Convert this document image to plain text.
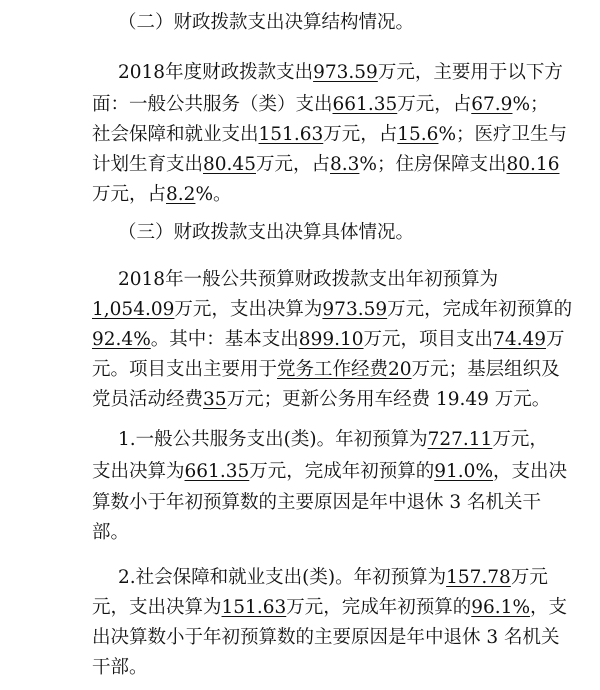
（二）财政拨款支出决算结构情况。
2018年度财政拨款支出973.59万元，主要用于以下方
面：一般公共服务（类）支出661.35万元，占67.9%；
社会保障和就业支出151.63万元，占15.6%；医疗卫生与
计划生育支出80.45万元，占8.3%；住房保障支出80.16
万元，占8.2%。
（三）财政拨款支出决算具体情况。
2018年一般公共预算财政拨款支出年初预算为
1,054.09万元，支出决算为973.59万元，完成年初预算的
92.4%。其中：基本支出899.10万元，项目支出74.49万
元。项目支出主要用于党务工作经费20万元；基层组织及
党员活动经费35万元；更新公务用车经费 19.49 万元。
1.一般公共服务支出(类)。年初预算为727.11万元，
支出决算为661.35万元，完成年初预算的91.0%，支出决
算数小于年初预算数的主要原因是年中退休 3 名机关干
部。
2.社会保障和就业支出(类)。年初预算为157.78万元
元，支出决算为151.63万元，完成年初预算的96.1%，支
出决算数小于年初预算数的主要原因是年中退休 3 名机关
干部。
